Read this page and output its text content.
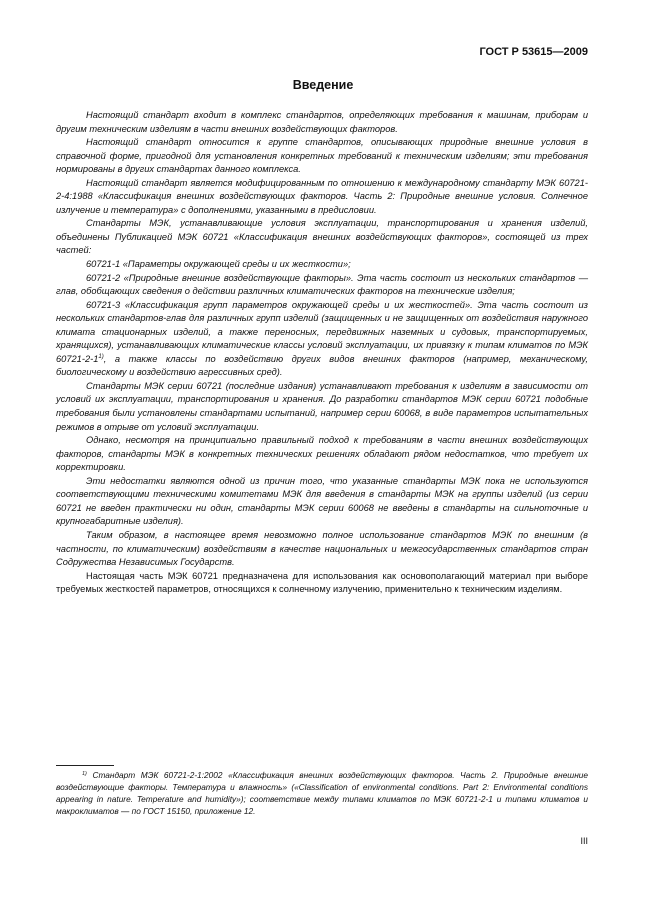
ГОСТ Р 53615—2009
Введение

Настоящий стандарт входит в комплекс стандартов, определяющих требования к машинам, приборам и другим техническим изделиям в части внешних воздействующих факторов.

Настоящий стандарт относится к группе стандартов, описывающих природные внешние условия в справочной форме, пригодной для установления конкретных требований к техническим изделиям; эти требования нормированы в других стандартах данного комплекса.

Настоящий стандарт является модифицированным по отношению к международному стандарту МЭК 60721-2-4:1988 «Классификация внешних воздействующих факторов. Часть 2: Природные внешние условия. Солнечное излучение и температура» с дополнениями, указанными в предисловии.

Стандарты МЭК, устанавливающие условия эксплуатации, транспортирования и хранения изделий, объединены Публикацией МЭК 60721 «Классификация внешних воздействующих факторов», состоящей из трех частей:

60721-1 «Параметры окружающей среды и их жесткости»;

60721-2 «Природные внешние воздействующие факторы». Эта часть состоит из нескольких стандартов — глав, обобщающих сведения о действии различных климатических факторов на технические изделия;

60721-3 «Классификация групп параметров окружающей среды и их жесткостей». Эта часть состоит из нескольких стандартов-глав для различных групп изделий (защищенных и не защищенных от воздействия наружного климата стационарных изделий, а также переносных, передвижных наземных и судовых, транспортируемых, хранящихся), устанавливающих климатические классы условий эксплуатации, их привязку к типам климатов по МЭК 60721-2-1$^{1)}$, а также классы по воздействию других видов внешних факторов (например, механическому, биологическому и воздействию агрессивных сред).

Стандарты МЭК серии 60721 (последние издания) устанавливают требования к изделиям в зависимости от условий их эксплуатации, транспортирования и хранения. До разработки стандартов МЭК серии 60721 подобные требования были установлены стандартами испытаний, например серии 60068, в виде параметров испытательных режимов в отрыве от условий эксплуатации.

Однако, несмотря на принципиально правильный подход к требованиям в части внешних воздействующих факторов, стандарты МЭК в конкретных технических решениях обладают рядом недостатков, что требует их корректировки.

Эти недостатки являются одной из причин того, что указанные стандарты МЭК пока не используются соответствующими техническими комитетами МЭК для введения в стандарты МЭК на группы изделий (из серии 60721 не введен практически ни один, стандарты МЭК серии 60068 не введены в стандарты на сильноточные и крупногабаритные изделия).

Таким образом, в настоящее время невозможно полное использование стандартов МЭК по внешним (в частности, по климатическим) воздействиям в качестве национальных и межгосударственных стандартов стран Содружества Независимых Государств.

Настоящая часть МЭК 60721 предназначена для использования как основополагающий материал при выборе требуемых жесткостей параметров, относящихся к солнечному излучению, применительно к техническим изделиям.

$^{1)}$ Стандарт МЭК 60721-2-1:2002 «Классификация внешних воздействующих факторов. Часть 2. Природные внешние воздействующие факторы. Температура и влажность» («Classification of environmental conditions. Part 2: Environmental conditions appearing in nature. Temperature and humidity»); соответствие между типами климатов по МЭК 60721-2-1 и типами климатов и макроклиматов — по ГОСТ 15150, приложение 12.

III
